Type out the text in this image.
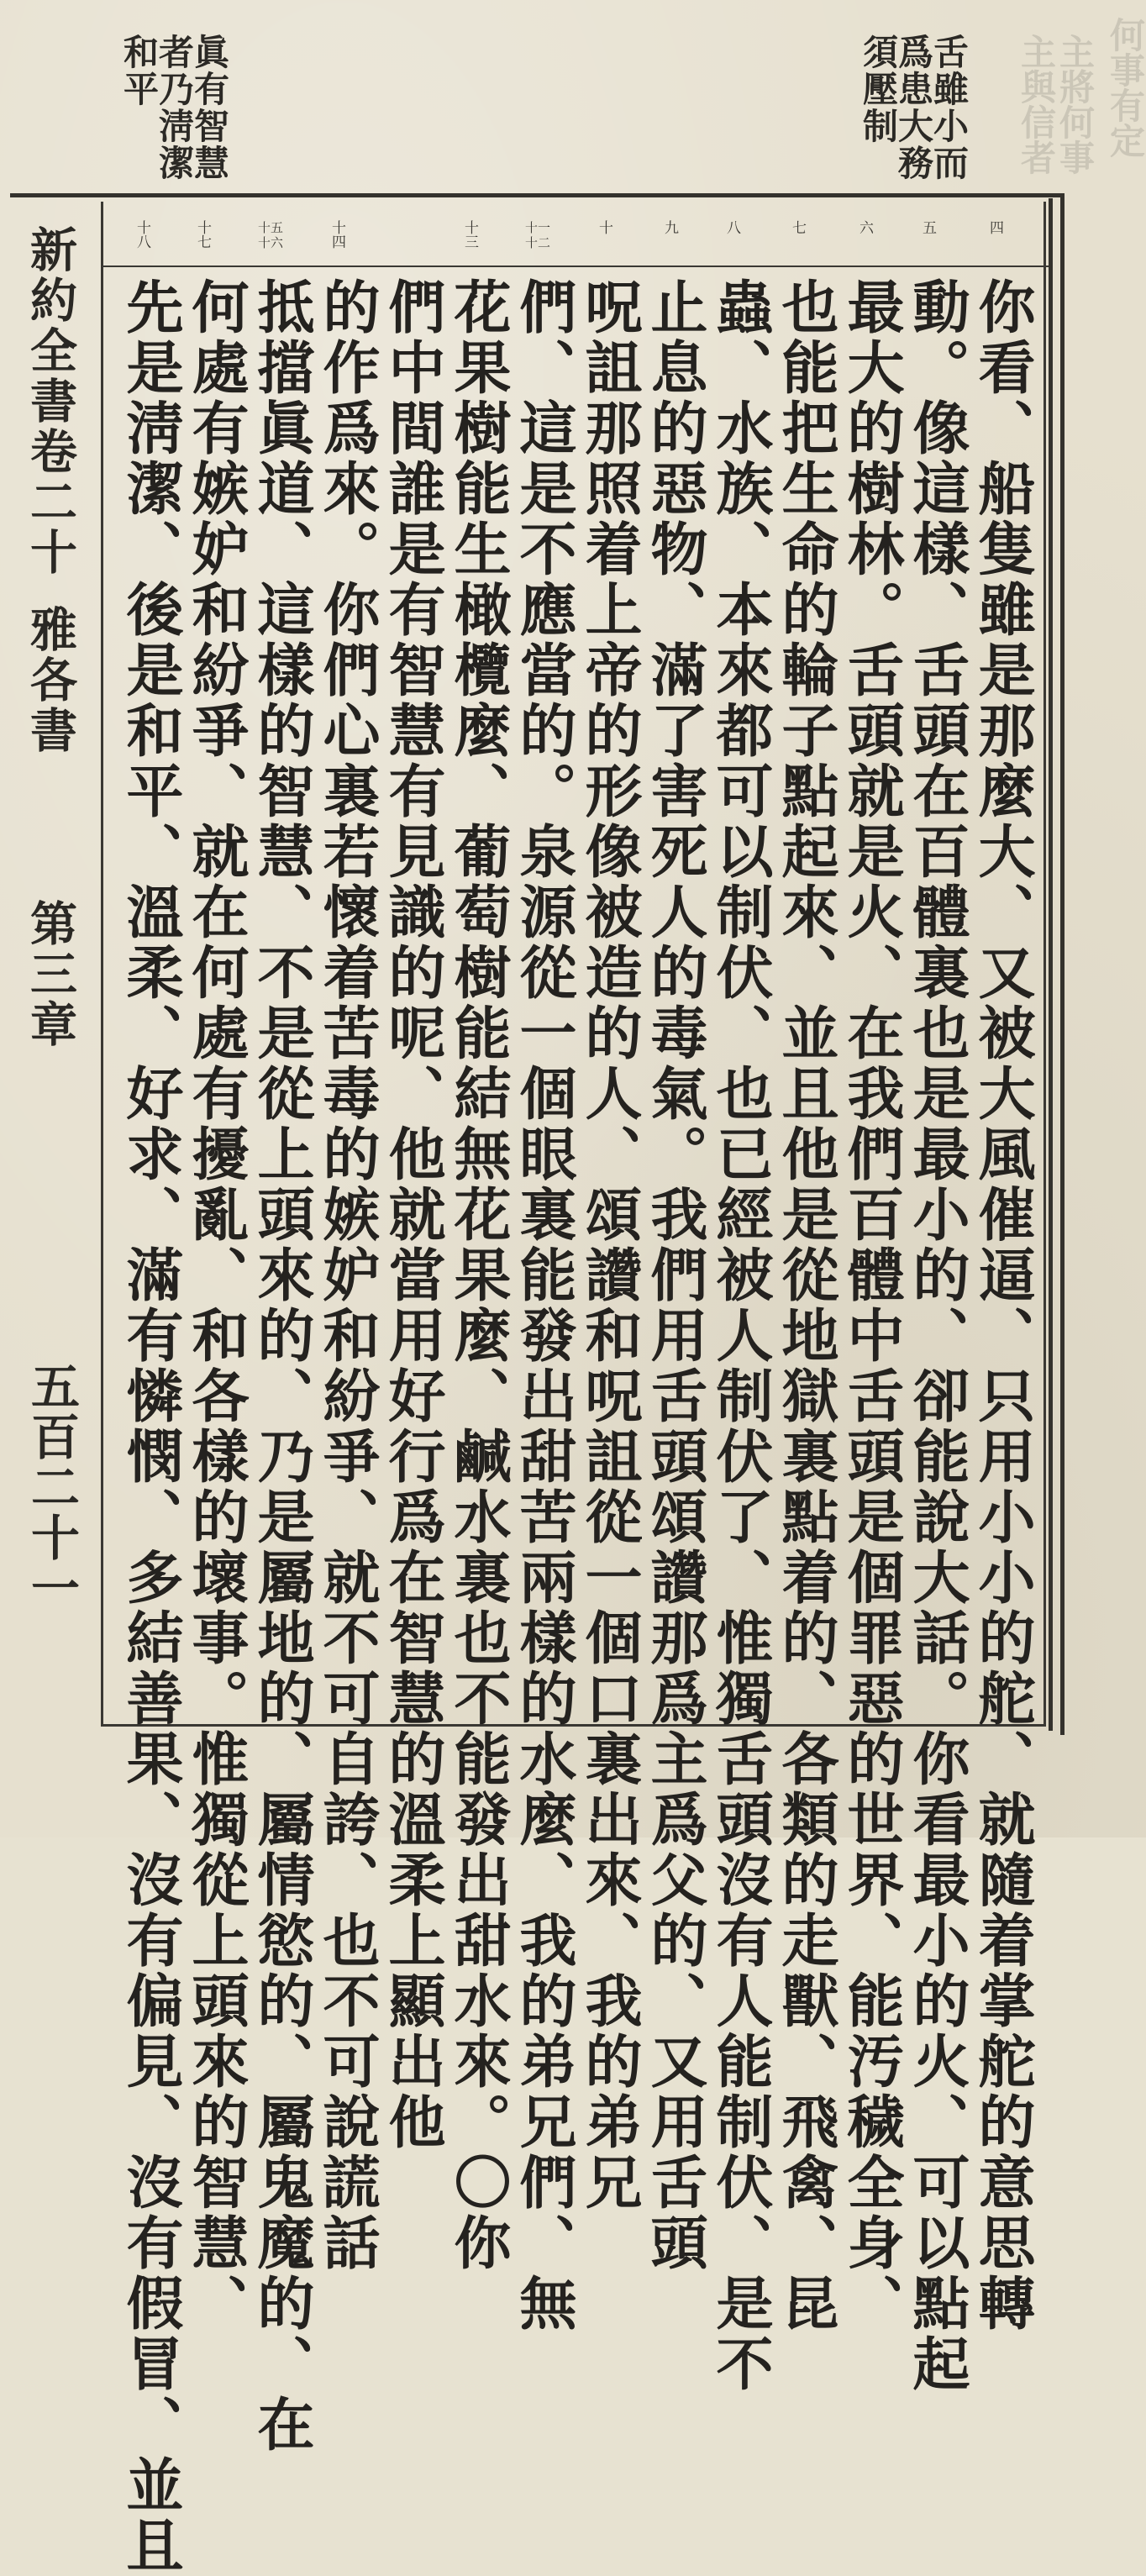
何事有定
主將何事
主與信者
舌雖小而
爲患大務
須壓制
眞有智慧
者乃淸潔
和平
四
五
六
七
八
九
十
十一 十二
十三
十四
十五 十六
十七
十八
你看、船隻雖是那麼大、又被大風催逼、只用小小的舵、就隨着掌舵的意思轉
動。像這樣、舌頭在百體裏也是最小的、卻能說大話。你看最小的火、可以點起
最大的樹林。舌頭就是火、在我們百體中舌頭是個罪惡的世界、能汚穢全身、
也能把生命的輪子點起來、並且他是從地獄裏點着的、各類的走獸、飛禽、昆
蟲、水族、本來都可以制伏、也已經被人制伏了、惟獨舌頭沒有人能制伏、是不
止息的惡物、滿了害死人的毒氣。我們用舌頭頌讚那爲主爲父的、又用舌頭
呪詛那照着上帝的形像被造的人、頌讚和呪詛從一個口裏出來、我的弟兄
們、這是不應當的。泉源從一個眼裏能發出甜苦兩樣的水麼、我的弟兄們、無
花果樹能生橄欖麼、葡萄樹能結無花果麼、鹹水裏也不能發出甜水來。〇你
們中間誰是有智慧有見識的呢、他就當用好行爲在智慧的溫柔上顯出他
的作爲來。你們心裏若懷着苦毒的嫉妒和紛爭、就不可自誇、也不可說謊話
抵擋眞道、這樣的智慧、不是從上頭來的、乃是屬地的、屬情慾的、屬鬼魔的、在
何處有嫉妒和紛爭、就在何處有擾亂、和各樣的壞事。惟獨從上頭來的智慧、
先是淸潔、後是和平、溫柔、好求、滿有憐憫、多結善果、沒有偏見、沒有假冒、並且
新約全書卷二十
雅各書
第三章
五百二十一
